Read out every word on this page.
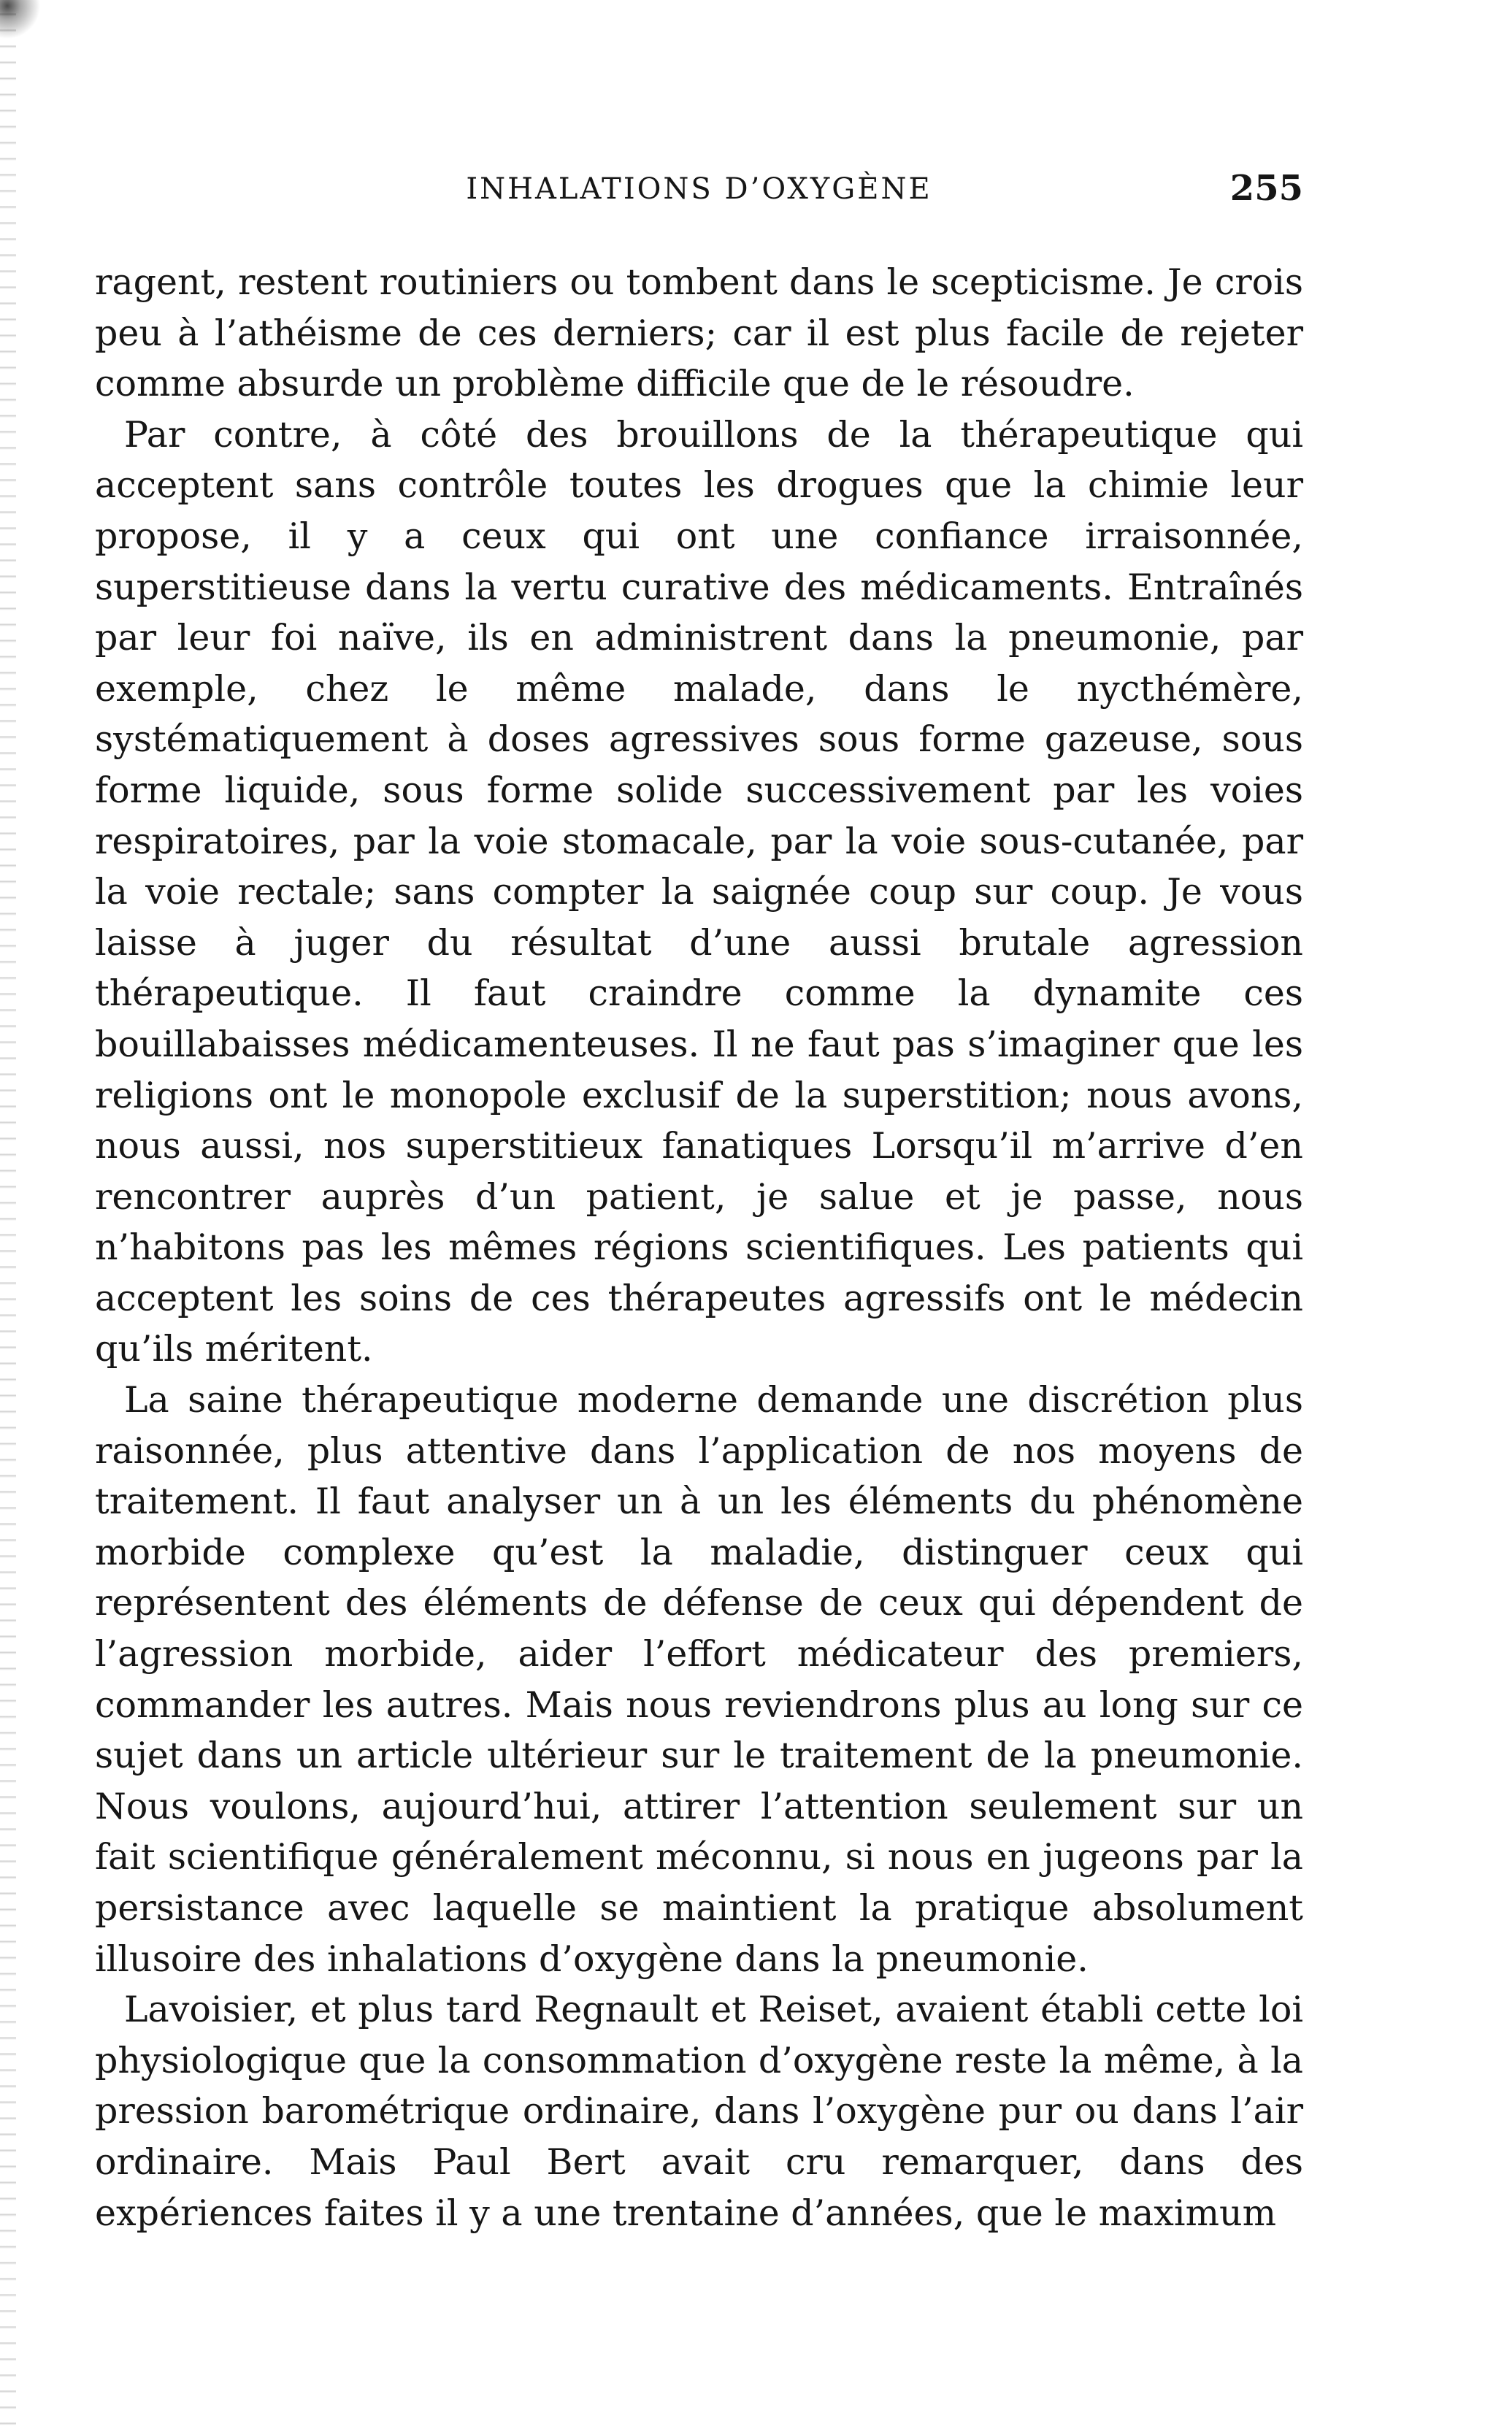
INHALATIONS D’OXYGÈNE	255

ragent, restent routiniers ou tombent dans le scepticisme. Je crois peu à l’athéisme de ces derniers; car il est plus facile de rejeter comme absurde un problème difficile que de le résoudre.

Par contre, à côté des brouillons de la thérapeutique qui acceptent sans contrôle toutes les drogues que la chimie leur propose, il y a ceux qui ont une confiance irraisonnée, superstitieuse dans la vertu curative des médicaments. Entraînés par leur foi naïve, ils en administrent dans la pneumonie, par exemple, chez le même malade, dans le nycthémère, systématiquement à doses agressives sous forme gazeuse, sous forme liquide, sous forme solide successivement par les voies respiratoires, par la voie stomacale, par la voie sous-cutanée, par la voie rectale; sans compter la saignée coup sur coup. Je vous laisse à juger du résultat d’une aussi brutale agression thérapeutique. Il faut craindre comme la dynamite ces bouillabaisses médicamenteuses. Il ne faut pas s’imaginer que les religions ont le monopole exclusif de la superstition; nous avons, nous aussi, nos superstitieux fanatiques Lorsqu’il m’arrive d’en rencontrer auprès d’un patient, je salue et je passe, nous n’habitons pas les mêmes régions scientifiques. Les patients qui acceptent les soins de ces thérapeutes agressifs ont le médecin qu’ils méritent.

La saine thérapeutique moderne demande une discrétion plus raisonnée, plus attentive dans l’application de nos moyens de traitement. Il faut analyser un à un les éléments du phénomène morbide complexe qu’est la maladie, distinguer ceux qui représentent des éléments de défense de ceux qui dépendent de l’agression morbide, aider l’effort médicateur des premiers, commander les autres. Mais nous reviendrons plus au long sur ce sujet dans un article ultérieur sur le traitement de la pneumonie. Nous voulons, aujourd’hui, attirer l’attention seulement sur un fait scientifique généralement méconnu, si nous en jugeons par la persistance avec laquelle se maintient la pratique absolument illusoire des inhalations d’oxygène dans la pneumonie.

Lavoisier, et plus tard Regnault et Reiset, avaient établi cette loi physiologique que la consommation d’oxygène reste la même, à la pression barométrique ordinaire, dans l’oxygène pur ou dans l’air ordinaire. Mais Paul Bert avait cru remarquer, dans des expériences faites il y a une trentaine d’années, que le maximum
